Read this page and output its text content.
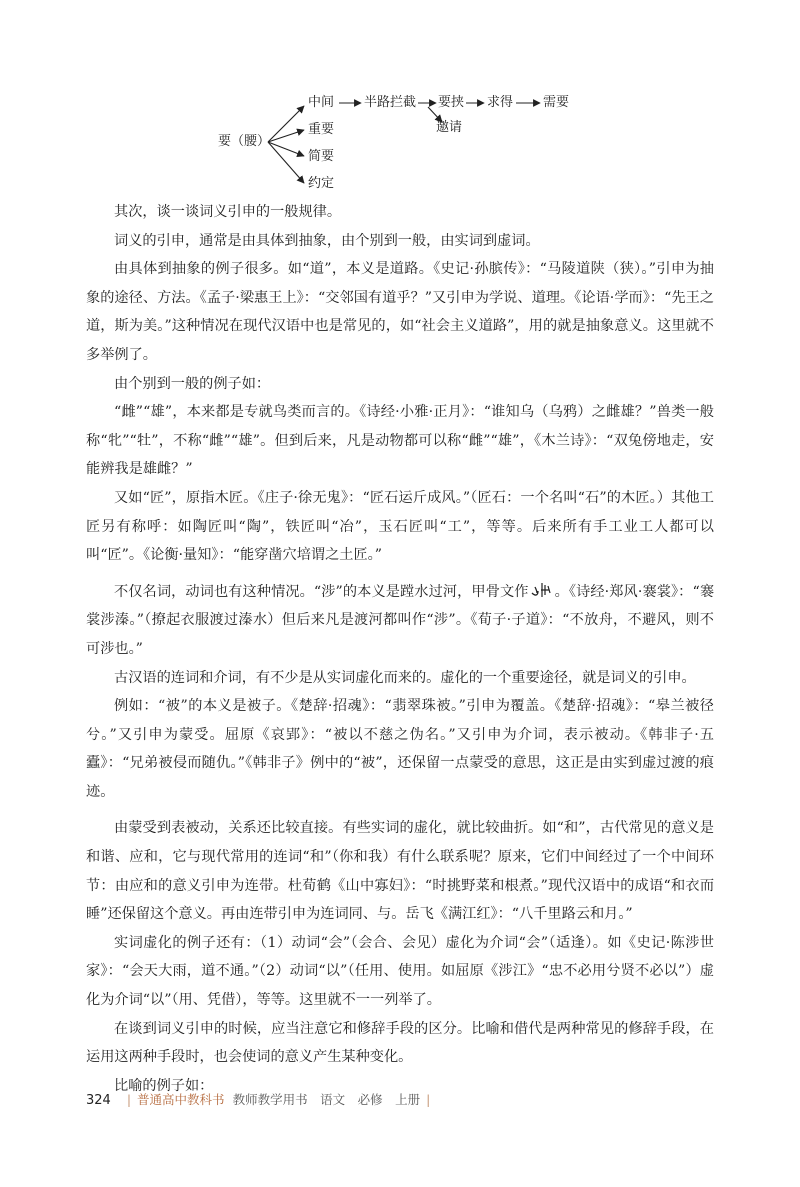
要（腰）
中间 半路拦截 要挟 求得 需要
邀请
重要
简要
约定

其次，谈一谈词义引申的一般规律。

词义的引申，通常是由具体到抽象，由个别到一般，由实词到虚词。

由具体到抽象的例子很多。如“道”，本义是道路。《史记·孙膑传》：“马陵道陕（狭）。”引申为抽象的途径、方法。《孟子·梁惠王上》：“交邻国有道乎？”又引申为学说、道理。《论语·学而》：“先王之道，斯为美。”这种情况在现代汉语中也是常见的，如“社会主义道路”，用的就是抽象意义。这里就不多举例了。

由个别到一般的例子如：

“雌”“雄”，本来都是专就鸟类而言的。《诗经·小雅·正月》：“谁知乌（乌鸦）之雌雄？”兽类一般称“牝”“牡”，不称“雌”“雄”。但到后来，凡是动物都可以称“雌”“雄”，《木兰诗》：“双兔傍地走，安能辨我是雄雌？”

又如“匠”，原指木匠。《庄子·徐无鬼》：“匠石运斤成风。”（匠石：一个名叫“石”的木匠。）其他工匠另有称呼：如陶匠叫“陶”，铁匠叫“冶”，玉石匠叫“工”，等等。后来所有手工业工人都可以叫“匠”。《论衡·量知》：“能穿凿穴培谓之土匠。”

不仅名词，动词也有这种情况。“涉”的本义是蹚水过河，甲骨文作 。《诗经·郑风·褰裳》：“褰裳涉溱。”（撩起衣服渡过溱水）但后来凡是渡河都叫作“涉”。《荀子·子道》：“不放舟，不避风，则不可涉也。”

古汉语的连词和介词，有不少是从实词虚化而来的。虚化的一个重要途径，就是词义的引申。

例如：“被”的本义是被子。《楚辞·招魂》：“翡翠珠被。”引申为覆盖。《楚辞·招魂》：“皋兰被径兮。”又引申为蒙受。屈原《哀郢》：“被以不慈之伪名。”又引申为介词，表示被动。《韩非子·五蠹》：“兄弟被侵而随仇。”《韩非子》例中的“被”，还保留一点蒙受的意思，这正是由实到虚过渡的痕迹。

由蒙受到表被动，关系还比较直接。有些实词的虚化，就比较曲折。如“和”，古代常见的意义是和谐、应和，它与现代常用的连词“和”（你和我）有什么联系呢？原来，它们中间经过了一个中间环节：由应和的意义引申为连带。杜荀鹤《山中寡妇》：“时挑野菜和根煮。”现代汉语中的成语“和衣而睡”还保留这个意义。再由连带引申为连词同、与。岳飞《满江红》：“八千里路云和月。”

实词虚化的例子还有：（1）动词“会”（会合、会见）虚化为介词“会”（适逢）。如《史记·陈涉世家》：“会天大雨，道不通。”（2）动词“以”（任用、使用。如屈原《涉江》“忠不必用兮贤不必以”）虚化为介词“以”（用、凭借），等等。这里就不一一列举了。

在谈到词义引申的时候，应当注意它和修辞手段的区分。比喻和借代是两种常见的修辞手段，在运用这两种手段时，也会使词的意义产生某种变化。

比喻的例子如：

324 | 普通高中教科书 教师教学用书　语文　必修　上册 |
